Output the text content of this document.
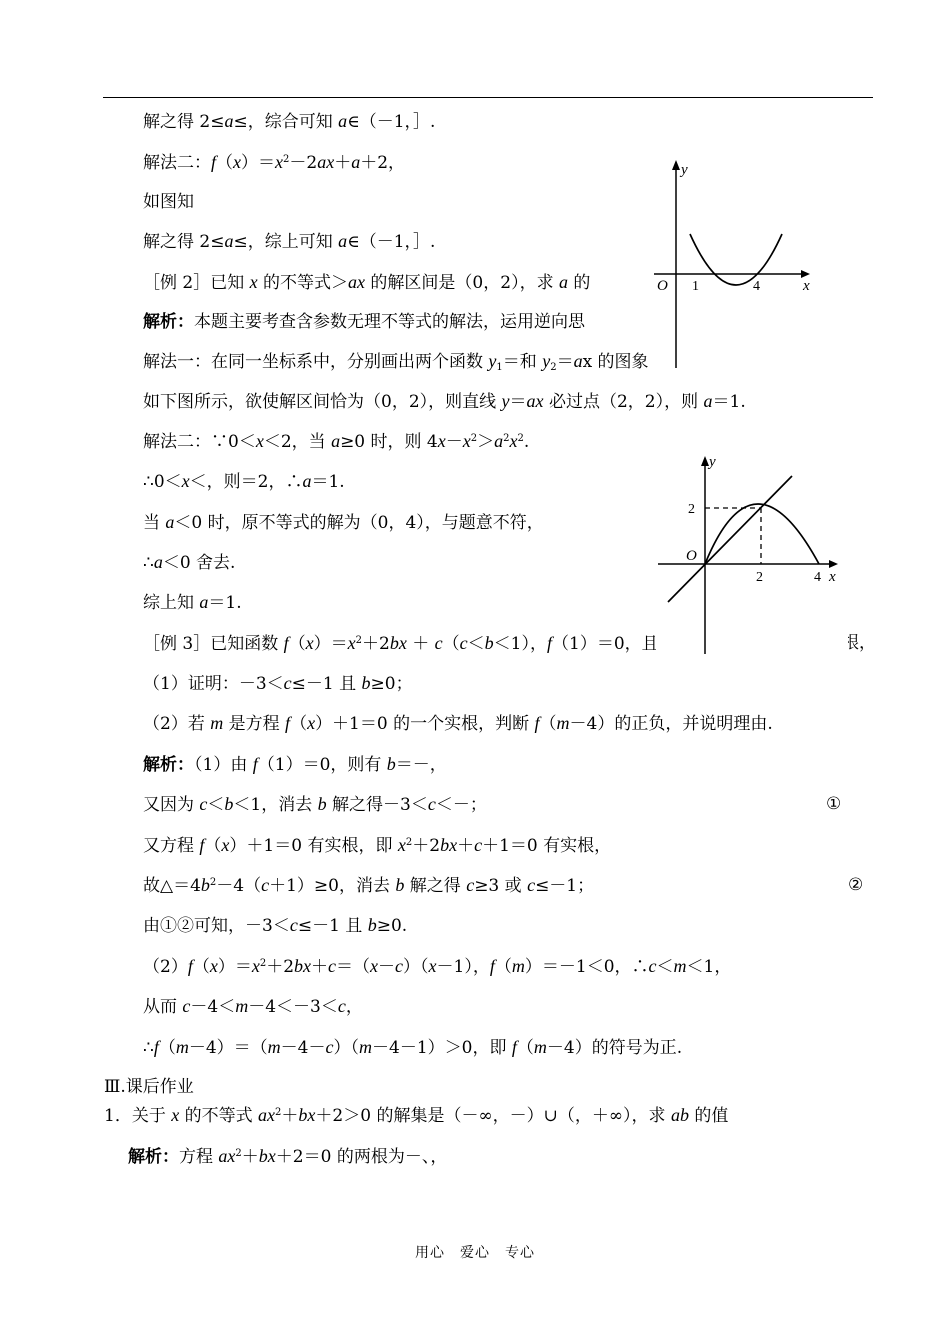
解之得 2≤a≤，综合可知 a∈（－1，］.
解法二：$f(x)=x^2-2ax+a+2$，
如图知
解之得 2≤a≤，综上可知 a∈（－1，］.
［例 2］已知 x 的不等式＞ax 的解区间是（0，2），求 a 的
解析：本题主要考查含参数无理不等式的解法，运用逆向思
解法一：在同一坐标系中，分别画出两个函数 $y_1=$和 $y_2=ax$ 的图象
如下图所示，欲使解区间恰为（0，2），则直线 y＝ax 必过点（2，2），则 a＝1.
解法二：∵0＜x＜2，当 a≥0 时，则 $4x-x^2>a^2x^2$.
∴0＜x＜，则＝2，∴a＝1.
当 a＜0 时，原不等式的解为（0，4），与题意不符，
∴a＜0 舍去.
综上知 a＝1.
［例 3］已知函数 $f(x)=x^2+2bx + c(c<b<1)$，f（1）＝0，且	根，
（1）证明：－3＜c≤－1 且 b≥0；
（2）若 m 是方程 f（x）＋1＝0 的一个实根，判断 f（m－4）的正负，并说明理由.
解析：（1）由 f（1）＝0，则有 b＝－，
又因为 c＜b＜1，消去 b 解之得－3＜c＜－；	①
又方程 f（x）＋1＝0 有实根，即 $x^2+2bx+c+1=0$ 有实根，
故$\triangle=4b^2-4(c+1)\ge 0$，消去 b 解之得 c≥3 或 c≤－1；	②
由①②可知，－3＜c≤－1 且 b≥0.
$(2)f(x)=x^2+2bx+c=(x-c)(x-1)$，f（m）＝－1＜0，∴c＜m＜1，
从而 c－4＜m－4＜－3＜c，
∴f（m－4）＝（m－4－c）（m－4－1）＞0，即 f（m－4）的符号为正.
Ⅲ.课后作业
1．关于 x 的不等式 $ax^2+bx+2>0$ 的解集是（－∞，－）∪（，＋∞），求 ab 的值
解析：方程 $ax^2+bx+2=0$ 的两根为－、，
y
x
O 1	4
y
x
O
2
2	4
用心　爱心　专心
